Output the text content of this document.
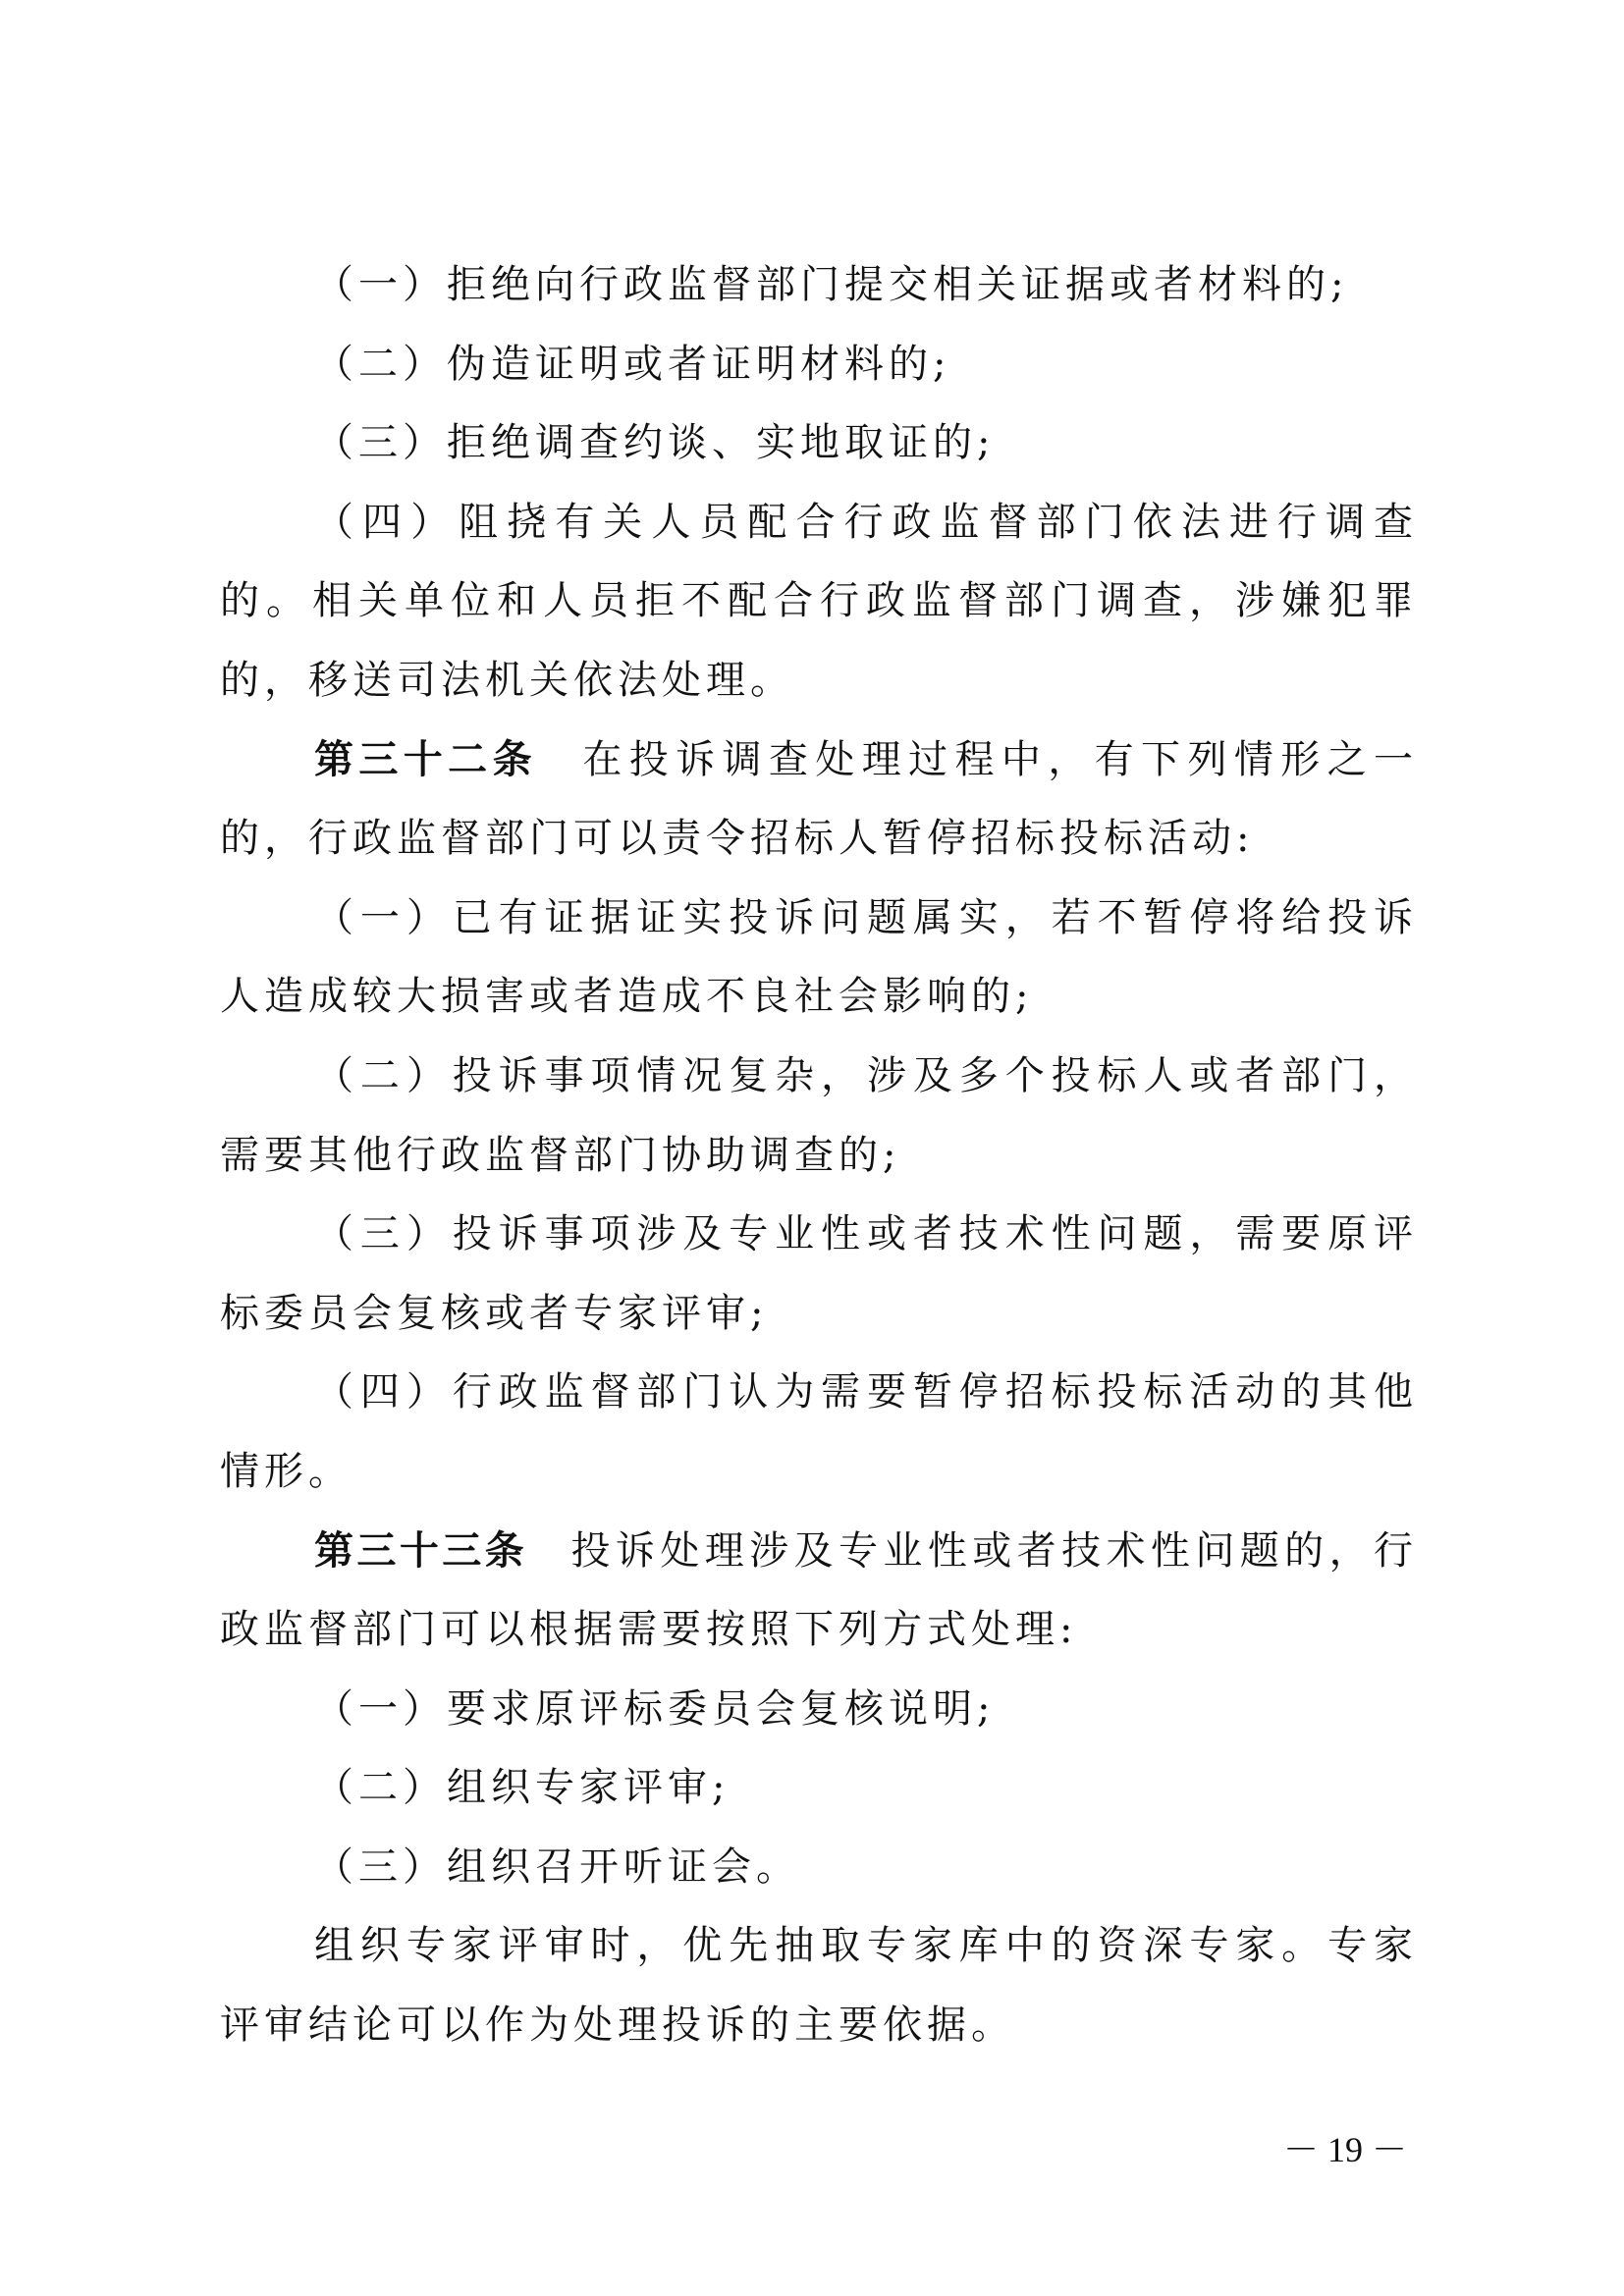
（一）拒绝向行政监督部门提交相关证据或者材料的;

（二）伪造证明或者证明材料的;

（三）拒绝调查约谈、实地取证的;

（四）阻挠有关人员配合行政监督部门依法进行调查的。相关单位和人员拒不配合行政监督部门调查，涉嫌犯罪的，移送司法机关依法处理。

第三十二条 在投诉调查处理过程中，有下列情形之一的，行政监督部门可以责令招标人暂停招标投标活动:

（一）已有证据证实投诉问题属实，若不暂停将给投诉人造成较大损害或者造成不良社会影响的;

（二）投诉事项情况复杂，涉及多个投标人或者部门，需要其他行政监督部门协助调查的;

（三）投诉事项涉及专业性或者技术性问题，需要原评标委员会复核或者专家评审;

（四）行政监督部门认为需要暂停招标投标活动的其他情形。

第三十三条 投诉处理涉及专业性或者技术性问题的，行政监督部门可以根据需要按照下列方式处理:

（一）要求原评标委员会复核说明;

（二）组织专家评审;

（三）组织召开听证会。

组织专家评审时，优先抽取专家库中的资深专家。专家评审结论可以作为处理投诉的主要依据。

－ 19 －
